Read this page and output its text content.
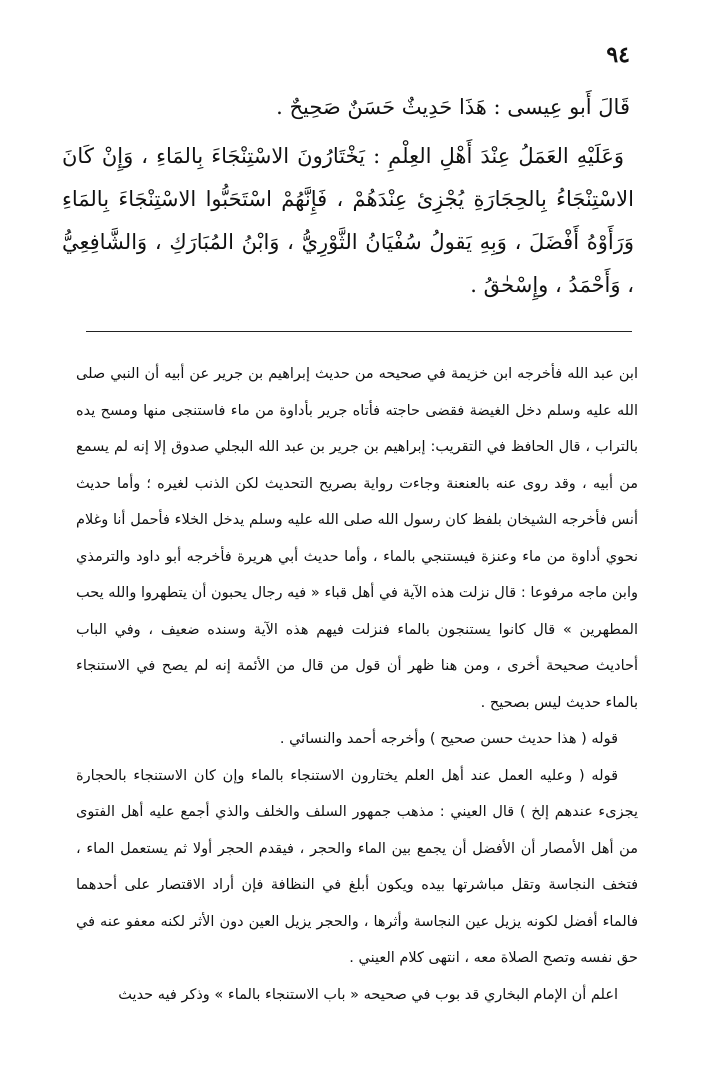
٩٤

قَالَ أَبو عِيسى : هَذَا حَدِيثٌ حَسَنٌ صَحِيحٌ .

وَعَلَيْهِ العَمَلُ عِنْدَ أَهْلِ العِلْمِ : يَخْتَارُونَ الاسْتِنْجَاءَ بِالمَاءِ ، وَإِنْ كَانَ الاسْتِنْجَاءُ بِالحِجَارَةِ يُجْزِئ عِنْدَهُمْ ، فَإِنَّهُمْ اسْتَحَبُّوا الاسْتِنْجَاءَ بِالمَاءِ وَرَأَوْهُ أَفْضَلَ ، وَبِهِ يَقولُ سُفْيَانُ الثَّوْرِيُّ ، وَابْنُ المُبَارَكِ ، وَالشَّافِعِيُّ ، وَأَحْمَدُ ، وإِسْحٰقُ .

ابن عبد الله فأخرجه ابن خزيمة في صحيحه من حديث إبراهيم بن جرير عن أبيه أن النبي صلى الله عليه وسلم دخل الغيضة فقضى حاجته فأتاه جرير بأداوة من ماء فاستنجى منها ومسح يده بالتراب ، قال الحافظ في التقريب: إبراهيم بن جرير بن عبد الله البجلي صدوق إلا إنه لم يسمع من أبيه ، وقد روى عنه بالعنعنة وجاءت رواية بصريح التحديث لكن الذنب لغيره ؛ وأما حديث أنس فأخرجه الشيخان بلفظ كان رسول الله صلى الله عليه وسلم يدخل الخلاء فأحمل أنا وغلام نحوي أداوة من ماء وعنزة فيستنجي بالماء ، وأما حديث أبي هريرة فأخرجه أبو داود والترمذي وابن ماجه مرفوعا : قال نزلت هذه الآية في أهل قباء « فيه رجال يحبون أن يتطهروا والله يحب المطهرين » قال كانوا يستنجون بالماء فنزلت فيهم هذه الآية وسنده ضعيف ، وفي الباب أحاديث صحيحة أخرى ، ومن هنا ظهر أن قول من قال من الأئمة إنه لم يصح في الاستنجاء بالماء حديث ليس بصحيح .

قوله ( هذا حديث حسن صحيح ) وأخرجه أحمد والنسائي .

قوله ( وعليه العمل عند أهل العلم يختارون الاستنجاء بالماء وإن كان الاستنجاء بالحجارة يجزىء عندهم إلخ ) قال العيني : مذهب جمهور السلف والخلف والذي أجمع عليه أهل الفتوى من أهل الأمصار أن الأفضل أن يجمع بين الماء والحجر ، فيقدم الحجر أولا ثم يستعمل الماء ، فتخف النجاسة وتقل مباشرتها بيده ويكون أبلغ في النظافة فإن أراد الاقتصار على أحدهما فالماء أفضل لكونه يزيل عين النجاسة وأثرها ، والحجر يزيل العين دون الأثر لكنه معفو عنه في حق نفسه وتصح الصلاة معه ، انتهى كلام العيني .

اعلم أن الإمام البخاري قد بوب في صحيحه « باب الاستنجاء بالماء » وذكر فيه حديث
